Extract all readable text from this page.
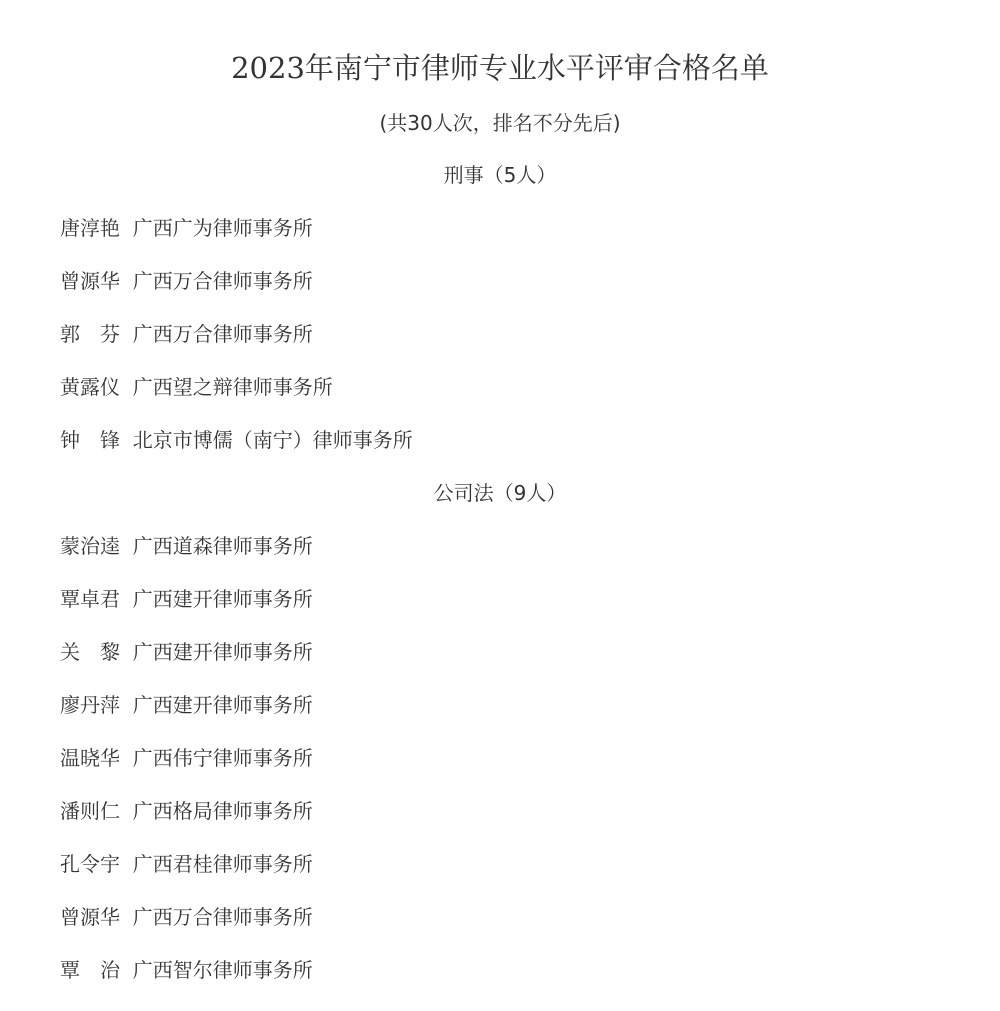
2023年南宁市律师专业水平评审合格名单
(共30人次，排名不分先后)
刑事（5人）
唐淳艳 广西广为律师事务所
曾源华 广西万合律师事务所
郭　芬 广西万合律师事务所
黄露仪 广西望之辩律师事务所
钟　锋 北京市博儒（南宁）律师事务所
公司法（9人）
蒙治逵 广西道森律师事务所
覃卓君 广西建开律师事务所
关　黎 广西建开律师事务所
廖丹萍 广西建开律师事务所
温晓华 广西伟宁律师事务所
潘则仁 广西格局律师事务所
孔令宇 广西君桂律师事务所
曾源华 广西万合律师事务所
覃　治 广西智尔律师事务所
